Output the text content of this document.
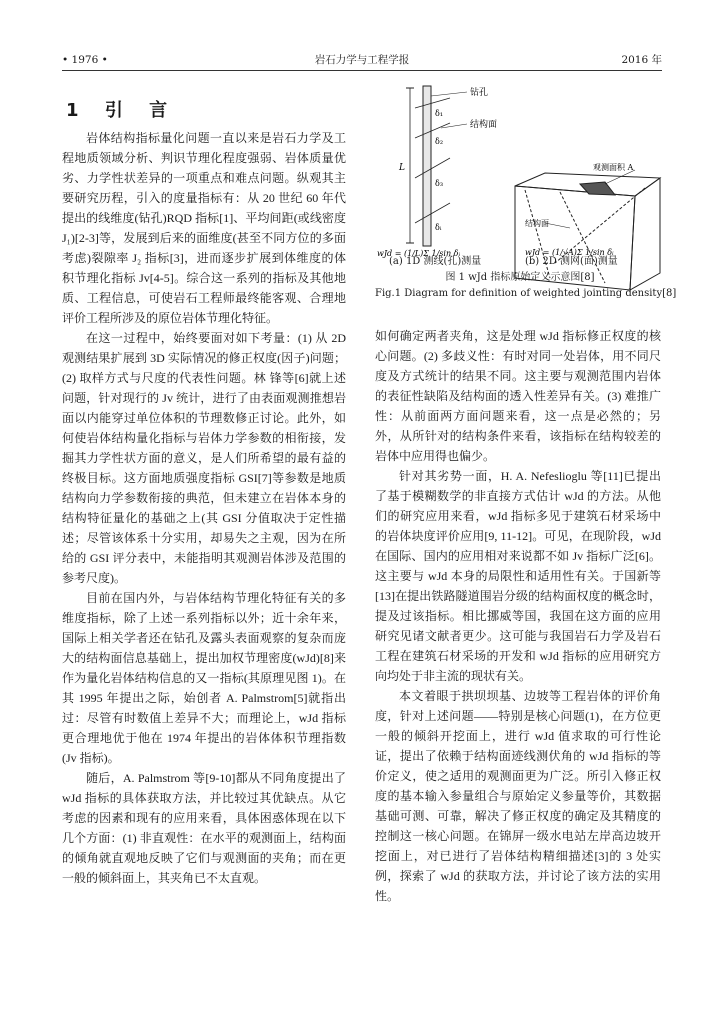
• 1976 •	岩石力学与工程学报	2016 年
1 引 言

岩体结构指标量化问题一直以来是岩石力学及工程地质领域分析、判识节理化程度强弱、岩体质量优劣、力学性状差异的一项重点和难点问题。纵观其主要研究历程，引入的度量指标有：从 20 世纪 60 年代提出的线维度(钻孔)RQD 指标[1]、平均间距(或线密度 J₁)[2-3]等，发展到后来的面维度(甚至不同方位的多面考虑)裂隙率 J₂ 指标[3]，进而逐步扩展到体维度的体积节理化指标 Jv[4-5]。综合这一系列的指标及其他地质、工程信息，可使岩石工程师最终能客观、合理地评价工程所涉及的原位岩体节理化特征。

在这一过程中，始终要面对如下考量：(1) 从 2D 观测结果扩展到 3D 实际情况的修正权度(因子)问题；(2) 取样方式与尺度的代表性问题。林 锋等[6]就上述问题，针对现行的 Jv 统计，进行了由表面观测推想岩面以内能穿过单位体积的节理数修正讨论。此外，如何使岩体结构量化指标与岩体力学参数的相衔接，发掘其力学性状方面的意义，是人们所希望的最有益的终极目标。这方面地质强度指标 GSI[7]等参数是地质结构向力学参数衔接的典范，但未建立在岩体本身的结构特征量化的基础之上(其 GSI 分值取决于定性描述；尽管该体系十分实用，却易失之主观，因为在所给的 GSI 评分表中，未能指明其观测岩体涉及范围的参考尺度)。

目前在国内外，与岩体结构节理化特征有关的多维度指标，除了上述一系列指标以外；近十余年来，国际上相关学者还在钻孔及露头表面观察的复杂而庞大的结构面信息基础上，提出加权节理密度(wJd)[8]来作为量化岩体结构信息的又一指标(其原理见图 1)。在其 1995 年提出之际，始创者 A. Palmstrom[5]就指出过：尽管有时数值上差异不大；而理论上，wJd 指标更合理地优于他在 1974 年提出的岩体体积节理指数(Jv 指标)。

随后，A. Palmstrom 等[9-10]都从不同角度提出了 wJd 指标的具体获取方法，并比较过其优缺点。从它考虑的因素和现有的应用来看，具体困惑体现在以下几个方面：(1) 非直观性：在水平的观测面上，结构面的倾角就直观地反映了它们与观测面的夹角；而在更一般的倾斜面上，其夹角已不太直观。

钻孔
结构面
L
δ₁
δ₂
δ₃
δᵢ
wJd = (1/L)Σ 1/sin δᵢ
观测面积 A
结构面
wJd = (1/√A)Σ 1/sin δᵢ
(a) 1D 测线(孔)测量	(b) 2D 测网(面)测量
图 1 wJd 指标原始定义示意图[8]
Fig.1 Diagram for definition of weighted jointing density[8]

如何确定两者夹角，这是处理 wJd 指标修正权度的核心问题。(2) 多歧义性：有时对同一处岩体，用不同尺度及方式统计的结果不同。这主要与观测范围内岩体的表征性缺陷及结构面的透入性差异有关。(3) 难推广性：从前面两方面问题来看，这一点是必然的；另外，从所针对的结构条件来看，该指标在结构较差的岩体中应用得也偏少。

针对其劣势一面，H. A. Nefeslioglu 等[11]已提出了基于模糊数学的非直接方式估计 wJd 的方法。从他们的研究应用来看，wJd 指标多见于建筑石材采场中的岩体块度评价应用[9, 11-12]。可见，在现阶段，wJd 在国际、国内的应用相对来说都不如 Jv 指标广泛[6]。这主要与 wJd 本身的局限性和适用性有关。于国新等[13]在提出铁路隧道围岩分级的结构面权度的概念时，提及过该指标。相比挪威等国，我国在这方面的应用研究见诸文献者更少。这可能与我国岩石力学及岩石工程在建筑石材采场的开发和 wJd 指标的应用研究方向均处于非主流的现状有关。

本文着眼于拱坝坝基、边坡等工程岩体的评价角度，针对上述问题——特别是核心问题(1)，在方位更一般的倾斜开挖面上，进行 wJd 值求取的可行性论证，提出了依赖于结构面迹线测伏角的 wJd 指标的等价定义，使之适用的观测面更为广泛。所引入修正权度的基本输入参量组合与原始定义参量等价，其数据基础可测、可靠，解决了修正权度的确定及其精度的控制这一核心问题。在锦屏一级水电站左岸高边坡开挖面上，对已进行了岩体结构精细描述[3]的 3 处实例，探索了 wJd 的获取方法，并讨论了该方法的实用性。
